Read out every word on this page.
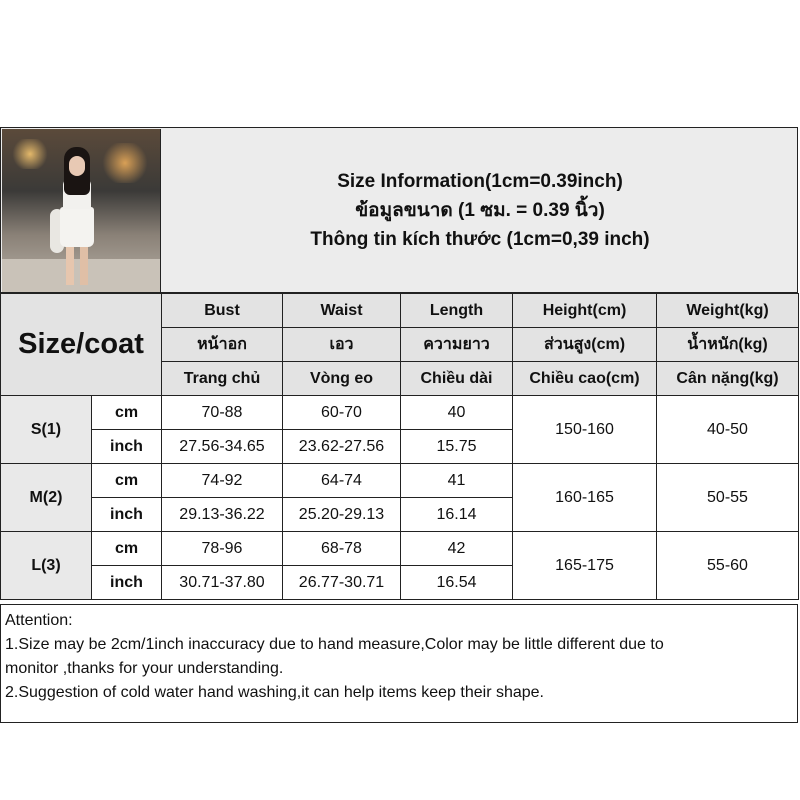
Size Information(1cm=0.39inch)
ข้อมูลขนาด (1 ซม. = 0.39 นิ้ว)
Thông tin kích thước (1cm=0,39 inch)
Size/coat		Bust	Waist	Length	Height(cm)	Weight(kg)
		หน้าอก	เอว	ความยาว	ส่วนสูง(cm)	น้ำหนัก(kg)
		Trang chủ	Vòng eo	Chiều dài	Chiều cao(cm)	Cân nặng(kg)
S(1)	cm	70-88	60-70	40	150-160	40-50
	inch	27.56-34.65	23.62-27.56	15.75		
M(2)	cm	74-92	64-74	41	160-165	50-55
	inch	29.13-36.22	25.20-29.13	16.14		
L(3)	cm	78-96	68-78	42	165-175	55-60
	inch	30.71-37.80	26.77-30.71	16.54		
Attention:
1.Size may be 2cm/1inch inaccuracy due to hand measure,Color may be little different due to
monitor ,thanks for your understanding.
2.Suggestion of cold water hand washing,it can help items keep their shape.
